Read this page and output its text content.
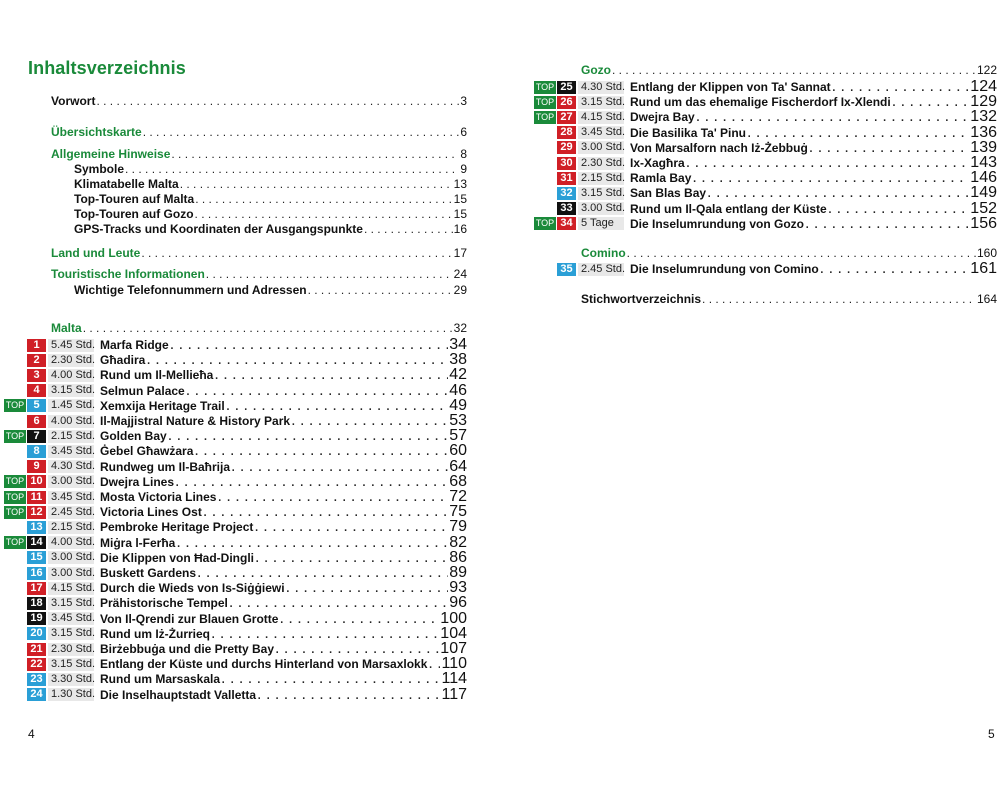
Inhaltsverzeichnis
Vorwort . . .	3
Übersichtskarte . . .	6
Allgemeine Hinweise . . .	8
Symbole . . .	9
Klimatabelle Malta . . .	13
Top-Touren auf Malta . . .	15
Top-Touren auf Gozo . . .	15
GPS-Tracks und Koordinaten der Ausgangspunkte . . .	16
Land und Leute . . .	17
Touristische Informationen . . .	24
Wichtige Telefonnummern und Adressen . . .	29
Malta . . .	32
1	5.45 Std. Marfa Ridge . . .	34
2	2.30 Std. Għadira . . .	38
3	4.00 Std. Rund um Il-Mellieħa . . .	42
4	3.15 Std. Selmun Palace . . .	46
TOP 5	1.45 Std. Xemxija Heritage Trail . . .	49
6	4.00 Std. Il-Majjistral Nature & History Park . . .	53
TOP 7	2.15 Std. Golden Bay . . .	57
8	3.45 Std. Ġebel Għawżara . . .	60
9	4.30 Std. Rundweg um Il-Baħrija . . .	64
TOP 10 3.00 Std. Dwejra Lines . . .	68
TOP 11 3.45 Std. Mosta Victoria Lines . . .	72
TOP 12 2.45 Std. Victoria Lines Ost . . .	75
13 2.15 Std. Pembroke Heritage Project . . .	79
TOP 14 4.00 Std. Miġra l-Ferħa . . .	82
15 3.00 Std. Die Klippen von Ħad-Dingli . . .	86
16 3.00 Std. Buskett Gardens . . .	89
17 4.15 Std. Durch die Wieds von Is-Siġġiewi . . .	93
18 3.15 Std. Prähistorische Tempel . . .	96
19 3.45 Std. Von Il-Qrendi zur Blauen Grotte . . .	100
20 3.15 Std. Rund um Iż-Żurrieq . . .	104
21 2.30 Std. Birżebbuġa und die Pretty Bay . . .	107
22 3.15 Std. Entlang der Küste und durchs Hinterland von Marsaxlokk . . . 110
23 3.30 Std. Rund um Marsaskala . . .	114
24 1.30 Std. Die Inselhauptstadt Valletta . . .	117
4
Gozo . . .	122
TOP 25 4.30 Std. Entlang der Klippen von Ta' Sannat . . .	124
TOP 26 3.15 Std. Rund um das ehemalige Fischerdorf Ix-Xlendi . . .	129
TOP 27 4.15 Std. Dwejra Bay . . .	132
28 3.45 Std. Die Basilika Ta' Pinu . . .	136
29 3.00 Std. Von Marsalforn nach Iż-Żebbuġ . . .	139
30 2.30 Std. Ix-Xagħra . . .	143
31 2.15 Std. Ramla Bay . . .	146
32 3.15 Std. San Blas Bay . . .	149
33 3.00 Std. Rund um Il-Qala entlang der Küste . . .	152
TOP 34 5 Tage	Die Inselumrundung von Gozo . . .	156
Comino . . .	160
35 2.45 Std. Die Inselumrundung von Comino . . .	161
Stichwortverzeichnis . . .	164
5
